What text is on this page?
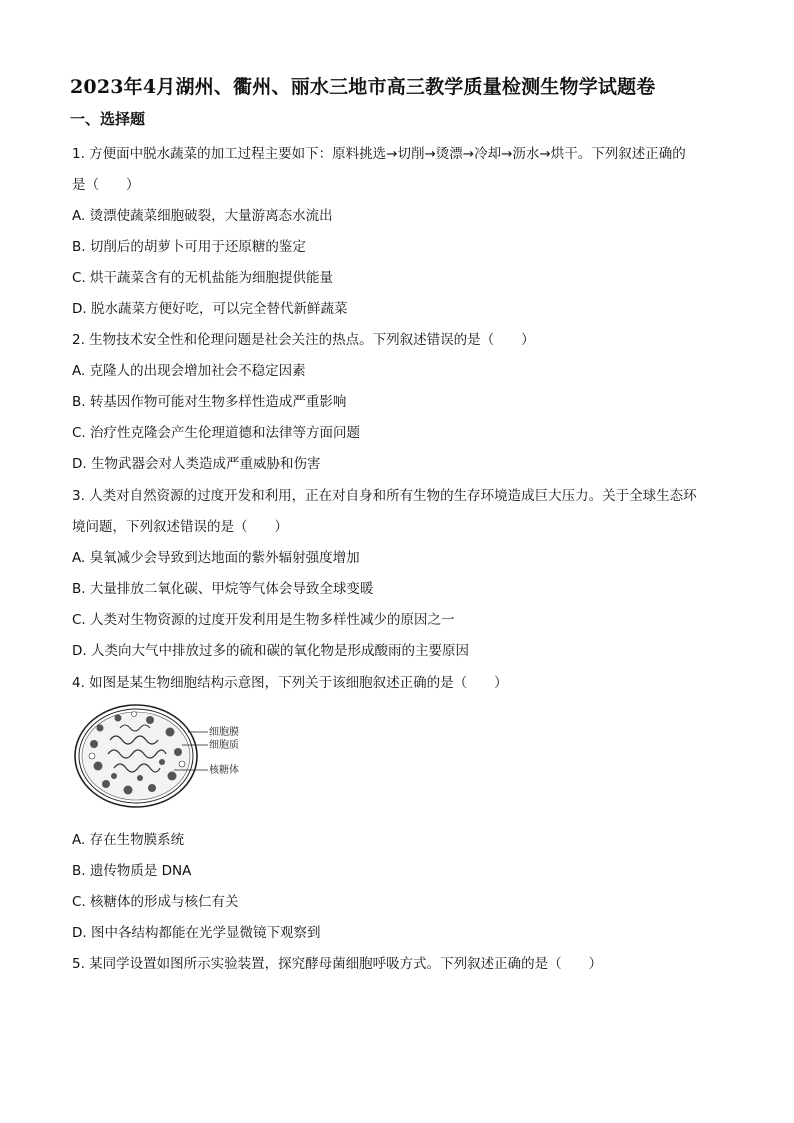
2023年4月湖州、衢州、丽水三地市高三教学质量检测生物学试题卷
一、选择题
1. 方便面中脱水蔬菜的加工过程主要如下：原料挑选→切削→烫漂→冷却→沥水→烘干。下列叙述正确的
是（　　）
A. 烫漂使蔬菜细胞破裂，大量游离态水流出
B. 切削后的胡萝卜可用于还原糖的鉴定
C. 烘干蔬菜含有的无机盐能为细胞提供能量
D. 脱水蔬菜方便好吃，可以完全替代新鲜蔬菜
2. 生物技术安全性和伦理问题是社会关注的热点。下列叙述错误的是（　　）
A. 克隆人的出现会增加社会不稳定因素
B. 转基因作物可能对生物多样性造成严重影响
C. 治疗性克隆会产生伦理道德和法律等方面问题
D. 生物武器会对人类造成严重威胁和伤害
3. 人类对自然资源的过度开发和利用，正在对自身和所有生物的生存环境造成巨大压力。关于全球生态环
境问题，下列叙述错误的是（　　）
A. 臭氧减少会导致到达地面的紫外辐射强度增加
B. 大量排放二氧化碳、甲烷等气体会导致全球变暖
C. 人类对生物资源的过度开发利用是生物多样性减少的原因之一
D. 人类向大气中排放过多的硫和碳的氧化物是形成酸雨的主要原因
4. 如图是某生物细胞结构示意图，下列关于该细胞叙述正确的是（　　）
细胞膜
细胞质
核糖体
A. 存在生物膜系统
B. 遗传物质是 DNA
C. 核糖体的形成与核仁有关
D. 图中各结构都能在光学显微镜下观察到
5. 某同学设置如图所示实验装置，探究酵母菌细胞呼吸方式。下列叙述正确的是（　　）
